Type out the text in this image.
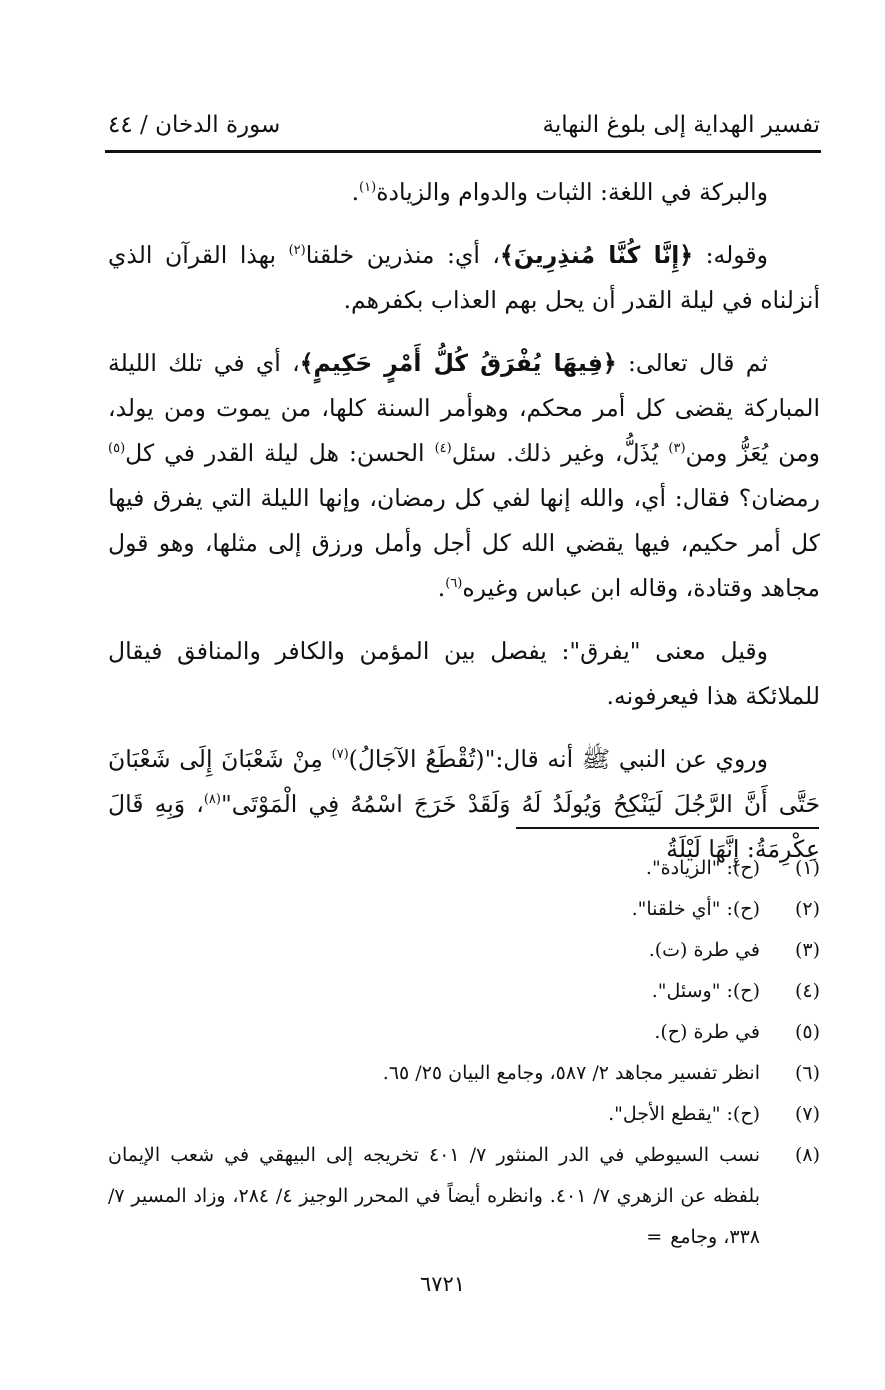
تفسير الهداية إلى بلوغ النهاية
سورة الدخان / ٤٤

والبركة في اللغة: الثبات والدوام والزيادة$^{(١)}$.

وقوله: ﴿إِنَّا كُنَّا مُنذِرِينَ﴾، أي: منذرين خلقنا$^{(٢)}$ بهذا القرآن الذي أنزلناه في ليلة القدر أن يحل بهم العذاب بكفرهم.

ثم قال تعالى: ﴿فِيهَا يُفْرَقُ كُلُّ أَمْرٍ حَكِيمٍ﴾، أي في تلك الليلة المباركة يقضى كل أمر محكم، وهوأمر السنة كلها، من يموت ومن يولد، ومن يُعَزُّ ومن$^{(٣)}$ يُذَلُّ، وغير ذلك. سئل$^{(٤)}$ الحسن: هل ليلة القدر في كل$^{(٥)}$ رمضان؟ فقال: أي، والله إنها لفي كل رمضان، وإنها الليلة التي يفرق فيها كل أمر حكيم، فيها يقضي الله كل أجل وأمل ورزق إلى مثلها، وهو قول مجاهد وقتادة، وقاله ابن عباس وغيره$^{(٦)}$.

وقيل معنى "يفرق": يفصل بين المؤمن والكافر والمنافق فيقال للملائكة هذا فيعرفونه.

وروي عن النبي ﷺ أنه قال:"(تُقْطَعُ الآجَالُ)$^{(٧)}$ مِنْ شَعْبَانَ إِلَى شَعْبَانَ حَتَّى أَنَّ الرَّجُلَ لَيَنْكِحُ وَيُولَدُ لَهُ وَلَقَدْ خَرَجَ اسْمُهُ فِي الْمَوْتَى"$^{(٨)}$، وَبِهِ قَالَ عِكْرِمَةُ: إِنَّهَا لَيْلَةُ

(١)
(ح): "الزيادة".
(٢)
(ح): "أي خلقنا".
(٣)
في طرة (ت).
(٤)
(ح): "وسئل".
(٥)
في طرة (ح).
(٦)
انظر تفسير مجاهد ٢/ ٥٨٧، وجامع البيان ٢٥/ ٦٥.
(٧)
(ح): "يقطع الأجل".
(٨)
نسب السيوطي في الدر المنثور ٧/ ٤٠١ تخريجه إلى البيهقي في شعب الإيمان بلفظه عن الزهري ٧/ ٤٠١. وانظره أيضاً في المحرر الوجيز ٤/ ٢٨٤، وزاد المسير ٧/ ٣٣٨، وجامع=
٦٧٢١
